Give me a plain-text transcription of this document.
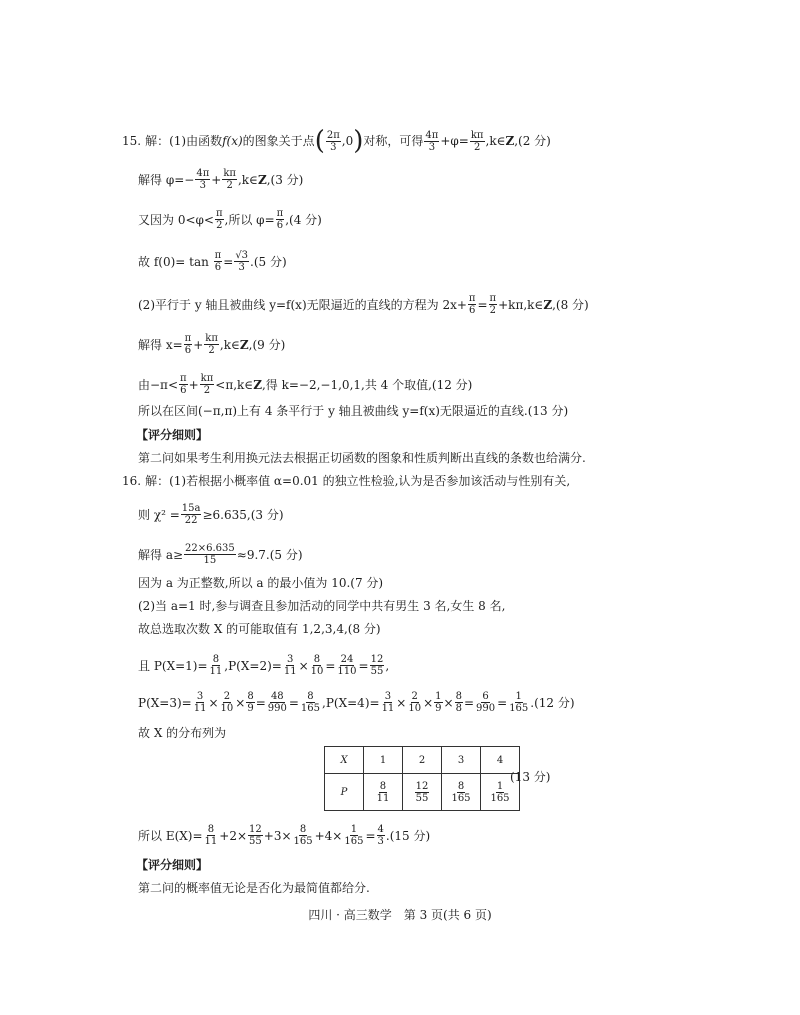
15. 解：(1)由函数 f(x) 的图象关于点 ( 2π
3 ,0 ) 对称，可得 4π
$3 +\varphi= \frac{k\pi}{2}$ ,k∈ Z ,(2 分)
解得 $\varphi=- \frac{4\pi}{3} + \frac{k\pi}{2}$ ,k∈ Z ,(3 分)
又因为 0<φ< π
2 ,所以 $\varphi= \frac{\pi}{6} ,(4$ 分)
故 f(0)= tan
$\frac{\pi}{6} = \frac{√3}{3} .(5$ 分)
(2)平行于 y 轴且被曲线 y=f(x)无限逼近的直线的方程为 $2x+ \frac{\pi}{6} = \frac{\pi}{2}$ +kπ,k∈ Z ,(8 分)
解得 $x= \frac{\pi}{6} + \frac{k\pi}{2}$ ,k∈ Z ,(9 分)
由−π< π
$6 + \frac{k\pi}{2}$ <π,k∈ Z ,得 k=−2,−1,0,1,共 4 个取值,(12 分)
所以在区间(−π,π)上有 4 条平行于 y 轴且被曲线 y=f(x)无限逼近的直线.(13 分)
【评分细则】
第二问如果考生利用换元法去根据正切函数的图象和性质判断出直线的条数也给满分.
16. 解：(1)若根据小概率值 α=0.01 的独立性检验,认为是否参加该活动与性别有关,
则 $\chi^2 = \frac{15a}{22} \ge 6.635,(3$ 分)
解得 $a\ge \frac{22\times 6.635}{15} \approx 9.7.(5$ 分)
因为 a 为正整数,所以 a 的最小值为 10.(7 分)
(2)当 a=1 时,参与调查且参加活动的同学中共有男生 3 名,女生 8 名,
故总选取次数 X 的可能取值有 1,2,3,4,(8 分)
且 $P(X=1)= \frac{8}{11} ,P(X=2)= \frac{3}{11} \times 8$
10 = 24
110 = 12
55 ,
$P(X=3)= \frac{3}{11} \times 2$
10 × 8
$9 = \frac{48}{990} = \frac{8}{165} ,P(X=4)= \frac{3}{11} \times 2$
10 × 1
9 × 8
8 = 6
990 = 1
165 .(12 分)
故 X 的分布列为
X	1	2	3	4
P	$\frac{8}{11}$	$\frac{12}{55}$	$\frac{8}{165}$	$\frac{1}{165}$
(13 分)
所以 $E(X)= \frac{8}{11} +2\times \frac{12}{55} +3\times \frac{8}{165} +4\times \frac{1}{165} = \frac{4}{3} .(15$ 分)
【评分细则】
第二问的概率值无论是否化为最简值都给分.
四川 · 高三数学　第 3 页(共 6 页)
